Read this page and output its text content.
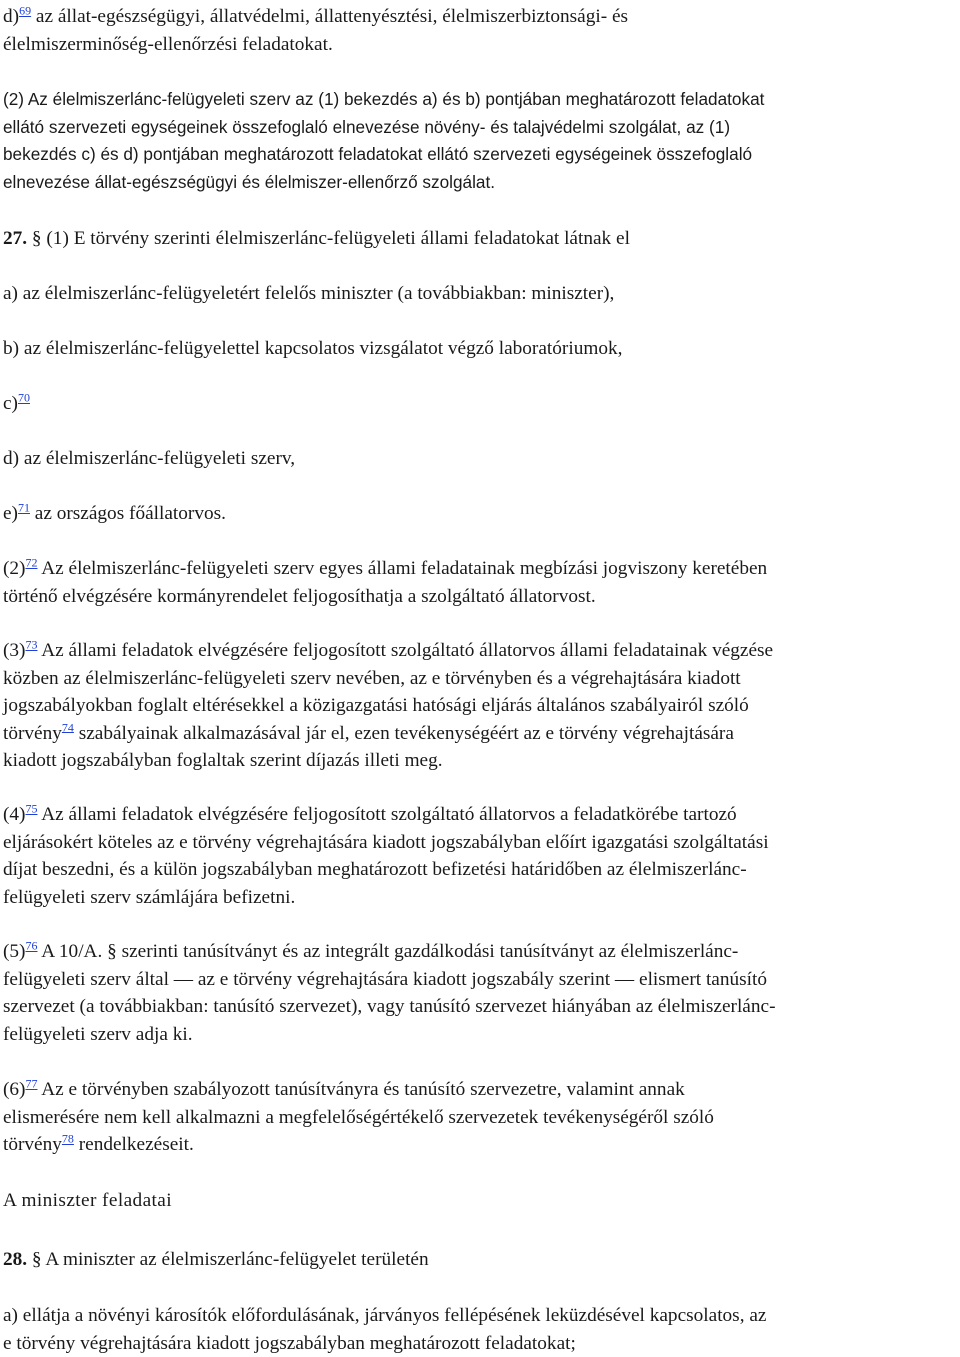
d)$^{69}$ az állat-egészségügyi, állatvédelmi, állattenyésztési, élelmiszerbiztonsági- és
élelmiszerminőség-ellenőrzési feladatokat.
(2) Az élelmiszerlánc-felügyeleti szerv az (1) bekezdés a) és b) pontjában meghatározott feladatokat
ellátó szervezeti egységeinek összefoglaló elnevezése növény- és talajvédelmi szolgálat, az (1)
bekezdés c) és d) pontjában meghatározott feladatokat ellátó szervezeti egységeinek összefoglaló
elnevezése állat-egészségügyi és élelmiszer-ellenőrző szolgálat.
27. § (1) E törvény szerinti élelmiszerlánc-felügyeleti állami feladatokat látnak el
a) az élelmiszerlánc-felügyeletért felelős miniszter (a továbbiakban: miniszter),
b) az élelmiszerlánc-felügyelettel kapcsolatos vizsgálatot végző laboratóriumok,
c)$^{70}$
d) az élelmiszerlánc-felügyeleti szerv,
e)$^{71}$ az országos főállatorvos.
(2)$^{72}$ Az élelmiszerlánc-felügyeleti szerv egyes állami feladatainak megbízási jogviszony keretében
történő elvégzésére kormányrendelet feljogosíthatja a szolgáltató állatorvost.
(3)$^{73}$ Az állami feladatok elvégzésére feljogosított szolgáltató állatorvos állami feladatainak végzése
közben az élelmiszerlánc-felügyeleti szerv nevében, az e törvényben és a végrehajtására kiadott
jogszabályokban foglalt eltérésekkel a közigazgatási hatósági eljárás általános szabályairól szóló
törvény$^{74}$ szabályainak alkalmazásával jár el, ezen tevékenységéért az e törvény végrehajtására
kiadott jogszabályban foglaltak szerint díjazás illeti meg.
(4)$^{75}$ Az állami feladatok elvégzésére feljogosított szolgáltató állatorvos a feladatkörébe tartozó
eljárásokért köteles az e törvény végrehajtására kiadott jogszabályban előírt igazgatási szolgáltatási
díjat beszedni, és a külön jogszabályban meghatározott befizetési határidőben az élelmiszerlánc-
felügyeleti szerv számlájára befizetni.
(5)$^{76}$ A 10/A. § szerinti tanúsítványt és az integrált gazdálkodási tanúsítványt az élelmiszerlánc-
felügyeleti szerv által — az e törvény végrehajtására kiadott jogszabály szerint — elismert tanúsító
szervezet (a továbbiakban: tanúsító szervezet), vagy tanúsító szervezet hiányában az élelmiszerlánc-
felügyeleti szerv adja ki.
(6)$^{77}$ Az e törvényben szabályozott tanúsítványra és tanúsító szervezetre, valamint annak
elismerésére nem kell alkalmazni a megfelelőségértékelő szervezetek tevékenységéről szóló
törvény$^{78}$ rendelkezéseit.
A miniszter feladatai
28. § A miniszter az élelmiszerlánc-felügyelet területén
a) ellátja a növényi károsítók előfordulásának, járványos fellépésének leküzdésével kapcsolatos, az
e törvény végrehajtására kiadott jogszabályban meghatározott feladatokat;
